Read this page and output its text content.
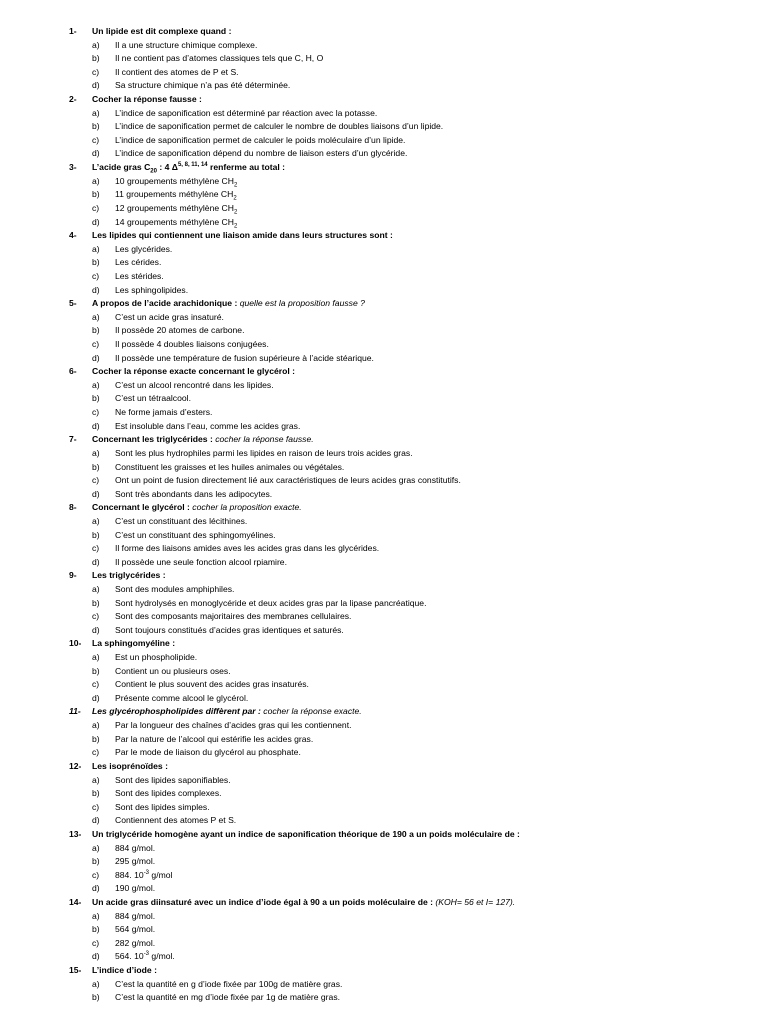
1- Un lipide est dit complexe quand :
a) Il a une structure chimique complexe.
b) Il ne contient pas d’atomes classiques tels que C, H, O
c) Il contient des atomes de P et S.
d) Sa structure chimique n’a pas été déterminée.
2- Cocher la réponse fausse :
a) L’indice de saponification est déterminé par réaction avec la potasse.
b) L’indice de saponification permet de calculer le nombre de doubles liaisons d’un lipide.
c) L’indice de saponification permet de calculer le poids moléculaire d’un lipide.
d) L’indice de saponification dépend du nombre de liaison esters d’un glycéride.
3- L’acide gras $C_{20}$ : 4 Δ$^{5, 8, 11, 14}$ renferme au total :
a) 10 groupements méthylène $CH_2$
b) 11 groupements méthylène $CH_2$
c) 12 groupements méthylène $CH_2$
d) 14 groupements méthylène $CH_2$
4- Les lipides qui contiennent une liaison amide dans leurs structures sont :
a) Les glycérides.
b) Les cérides.
c) Les stérides.
d) Les sphingolipides.
5- A propos de l’acide arachidonique : quelle est la proposition fausse ?
a) C’est un acide gras insaturé.
b) Il possède 20 atomes de carbone.
c) Il possède 4 doubles liaisons conjugées.
d) Il possède une température de fusion supérieure à l’acide stéarique.
6- Cocher la réponse exacte concernant le glycérol :
a) C’est un alcool rencontré dans les lipides.
b) C’est un tétraalcool.
c) Ne forme jamais d’esters.
d) Est insoluble dans l’eau, comme les acides gras.
7- Concernant les triglycérides : cocher la réponse fausse.
a) Sont les plus hydrophiles parmi les lipides en raison de leurs trois acides gras.
b) Constituent les graisses et les huiles animales ou végétales.
c) Ont un point de fusion directement lié aux caractéristiques de leurs acides gras constitutifs.
d) Sont très abondants dans les adipocytes.
8- Concernant le glycérol : cocher la proposition exacte.
a) C’est un constituant des lécithines.
b) C’est un constituant des sphingomyélines.
c) Il forme des liaisons amides aves les acides gras dans les glycérides.
d) Il possède une seule fonction alcool rpiamire.
9- Les triglycérides :
a) Sont des modules amphiphiles.
b) Sont hydrolysés en monoglycéride et deux acides gras par la lipase pancréatique.
c) Sont des composants majoritaires des membranes cellulaires.
d) Sont toujours constitués d’acides gras identiques et saturés.
10- La sphingomyéline :
a) Est un phospholipide.
b) Contient un ou plusieurs oses.
c) Contient le plus souvent des acides gras insaturés.
d) Présente comme alcool le glycérol.
11- Les glycérophospholipides diffèrent par : cocher la réponse exacte.
a) Par la longueur des chaînes d’acides gras qui les contiennent.
b) Par la nature de l’alcool qui estérifie les acides gras.
c) Par le mode de liaison du glycérol au phosphate.
12- Les isoprénoïdes :
a) Sont des lipides saponifiables.
b) Sont des lipides complexes.
c) Sont des lipides simples.
d) Contiennent des atomes P et S.
13- Un triglycéride homogène ayant un indice de saponification théorique de 190 a un poids moléculaire de :
a) 884 g/mol.
b) 295 g/mol.
c) 884. $10^{-3}$ g/mol
d) 190 g/mol.
14- Un acide gras diinsaturé avec un indice d’iode égal à 90 a un poids moléculaire de : (KOH= 56 et I= 127).
a) 884 g/mol.
b) 564 g/mol.
c) 282 g/mol.
d) 564. $10^{-3}$ g/mol.
15- L’indice d’iode :
a) C’est la quantité en g d’iode fixée par 100g de matière gras.
b) C’est la quantité en mg d’iode fixée par 1g de matière gras.
